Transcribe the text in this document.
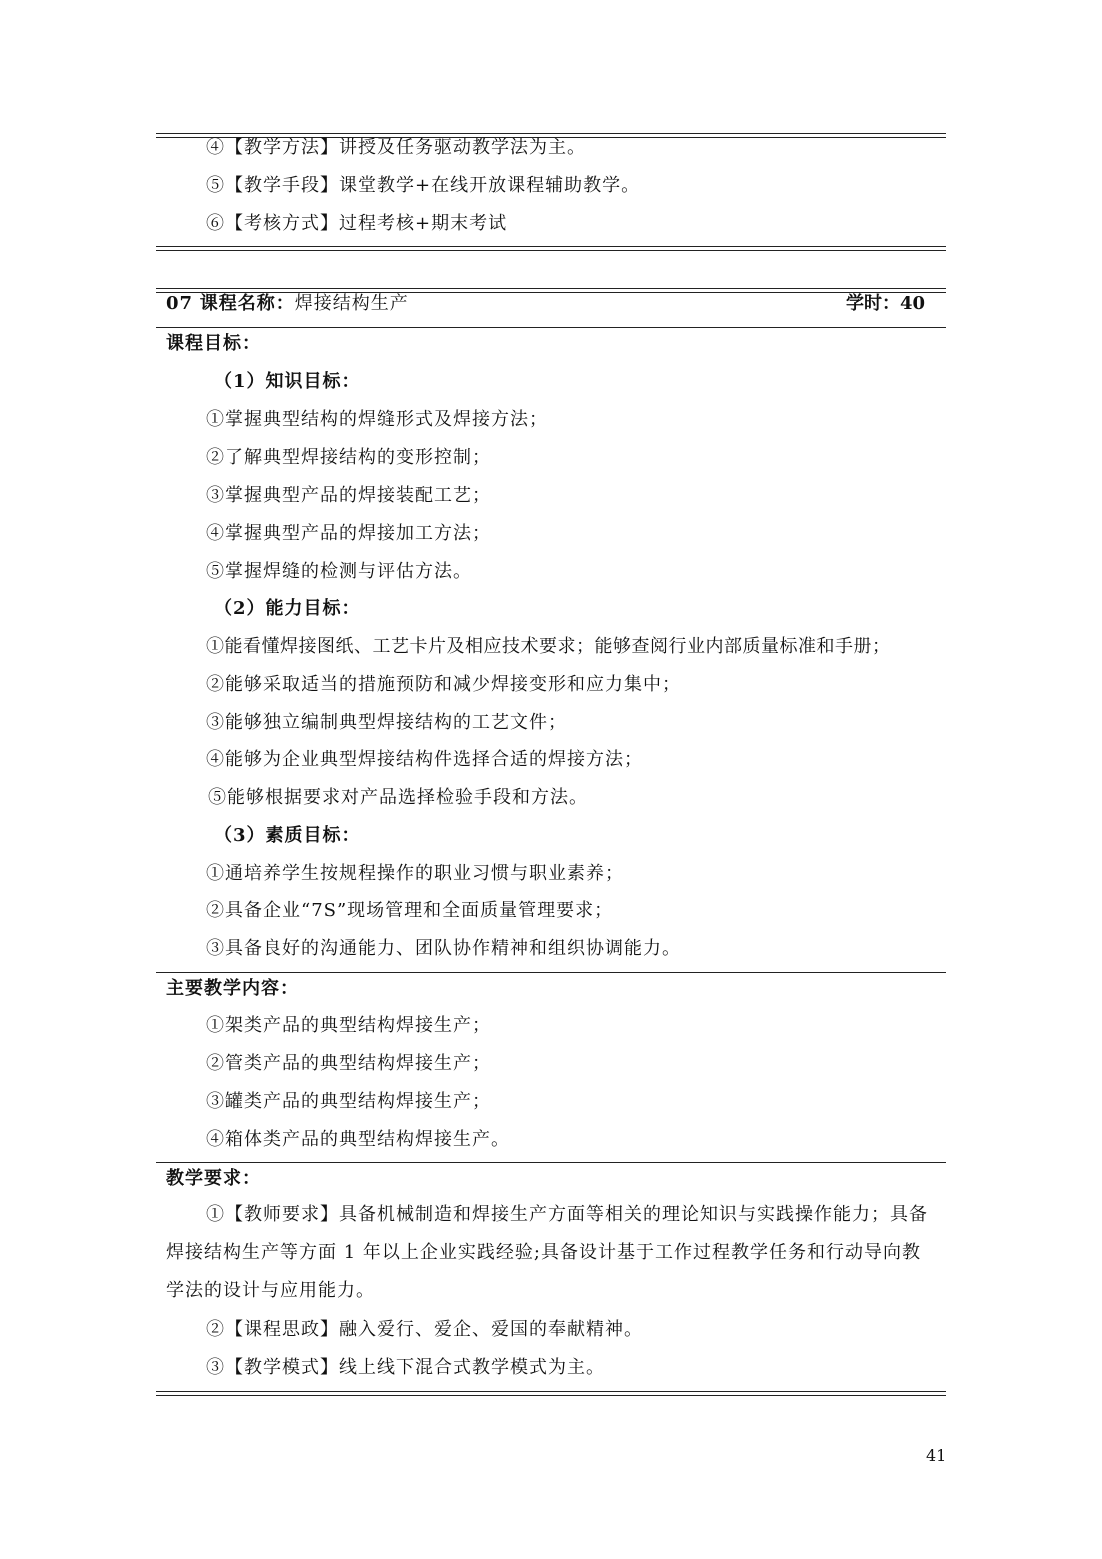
④【教学方法】讲授及任务驱动教学法为主。
⑤【教学手段】课堂教学+在线开放课程辅助教学。
⑥【考核方式】过程考核+期末考试
07 课程名称：焊接结构生产	学时：40
课程目标：
（1）知识目标：
①掌握典型结构的焊缝形式及焊接方法；
②了解典型焊接结构的变形控制；
③掌握典型产品的焊接装配工艺；
④掌握典型产品的焊接加工方法；
⑤掌握焊缝的检测与评估方法。
（2）能力目标：
①能看懂焊接图纸、工艺卡片及相应技术要求；能够查阅行业内部质量标准和手册；
②能够采取适当的措施预防和减少焊接变形和应力集中；
③能够独立编制典型焊接结构的工艺文件；
④能够为企业典型焊接结构件选择合适的焊接方法；
⑤能够根据要求对产品选择检验手段和方法。
（3）素质目标：
①通培养学生按规程操作的职业习惯与职业素养；
②具备企业“7S”现场管理和全面质量管理要求；
③具备良好的沟通能力、团队协作精神和组织协调能力。
主要教学内容：
①架类产品的典型结构焊接生产；
②管类产品的典型结构焊接生产；
③罐类产品的典型结构焊接生产；
④箱体类产品的典型结构焊接生产。
教学要求：
①【教师要求】具备机械制造和焊接生产方面等相关的理论知识与实践操作能力；具备焊接结构生产等方面 1 年以上企业实践经验;具备设计基于工作过程教学任务和行动导向教学法的设计与应用能力。
②【课程思政】融入爱行、爱企、爱国的奉献精神。
③【教学模式】线上线下混合式教学模式为主。
41
